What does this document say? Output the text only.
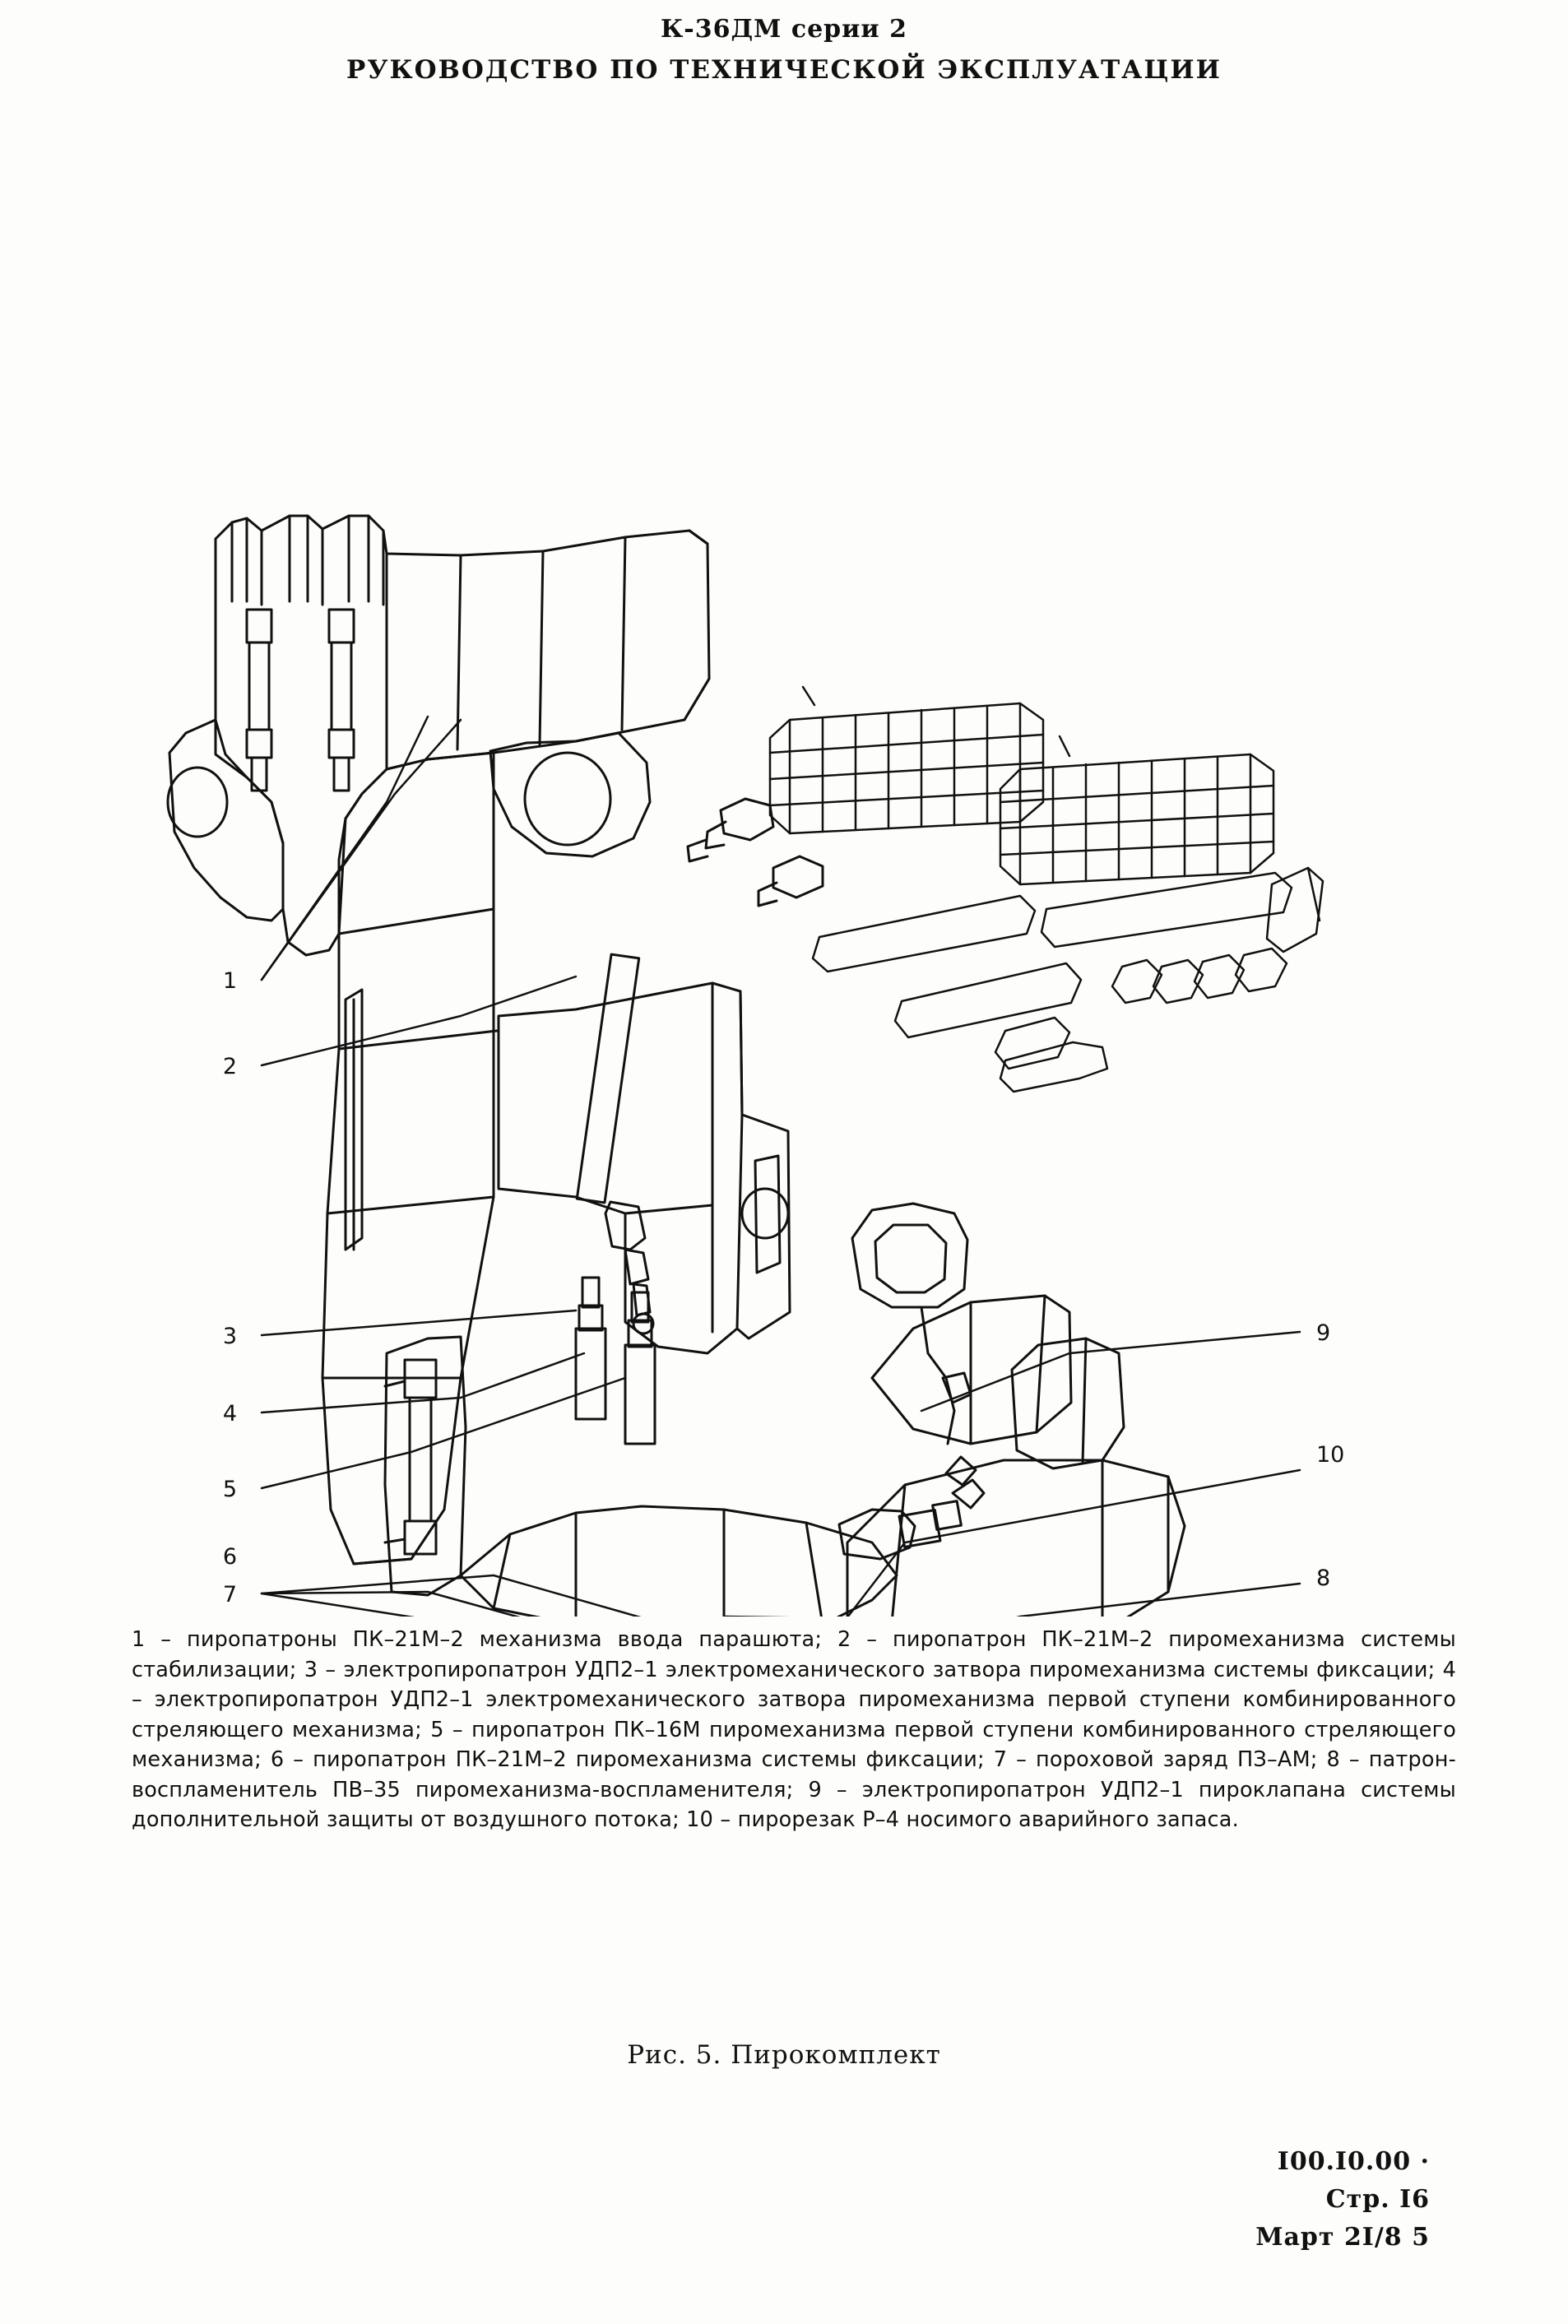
К-36ДМ серии 2
РУКОВОДСТВО ПО ТЕХНИЧЕСКОЙ ЭКСПЛУАТАЦИИ
1
2
3
4
5
6
7
10
8
9

1 – пиропатроны ПК–21М–2 механизма ввода парашюта; 2 – пиропатрон ПК–21М–2 пиромеханизма системы стабилизации; 3 – электропиропатрон УДП2–1 электромеханического затвора пиромеханизма системы фиксации; 4 – электропиропатрон УДП2–1 электромеханического затвора пиромеханизма первой ступени комбинированного стреляющего механизма; 5 – пиропатрон ПК–16М пиромеханизма первой ступени комбинированного стреляющего механизма; 6 – пиропатрон ПК–21М–2 пиромеханизма системы фиксации; 7 – пороховой заряд ПЗ–АМ; 8 – патрон-воспламенитель ПВ–35 пиромеханизма-воспламенителя; 9 – электропиропатрон УДП2–1 пироклапана системы дополнительной защиты от воздушного потока; 10 – пирорезак Р–4 носимого аварийного запаса.

Рис. 5. Пирокомплект
I00.I0.00 ·
Стр. I6
Март 2I/8 5
